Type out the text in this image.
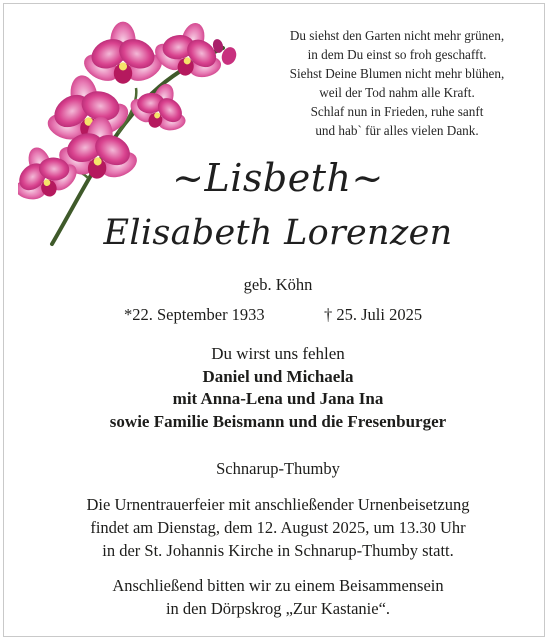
Du siehst den Garten nicht mehr grünen,
in dem Du einst so froh geschafft.
Siehst Deine Blumen nicht mehr blühen,
weil der Tod nahm alle Kraft.
Schlaf nun in Frieden, ruhe sanft
und hab` für alles vielen Dank.
~Lisbeth~
Elisabeth Lorenzen
geb. Köhn
*22. September 1933	† 25. Juli 2025
Du wirst uns fehlen
Daniel und Michaela
mit Anna-Lena und Jana Ina
sowie Familie Beismann und die Fresenburger
Schnarup-Thumby
Die Urnentrauerfeier mit anschließender Urnenbeisetzung
findet am Dienstag, dem 12. August 2025, um 13.30 Uhr
in der St. Johannis Kirche in Schnarup-Thumby statt.
Anschließend bitten wir zu einem Beisammensein
in den Dörpskrog „Zur Kastanie“.
